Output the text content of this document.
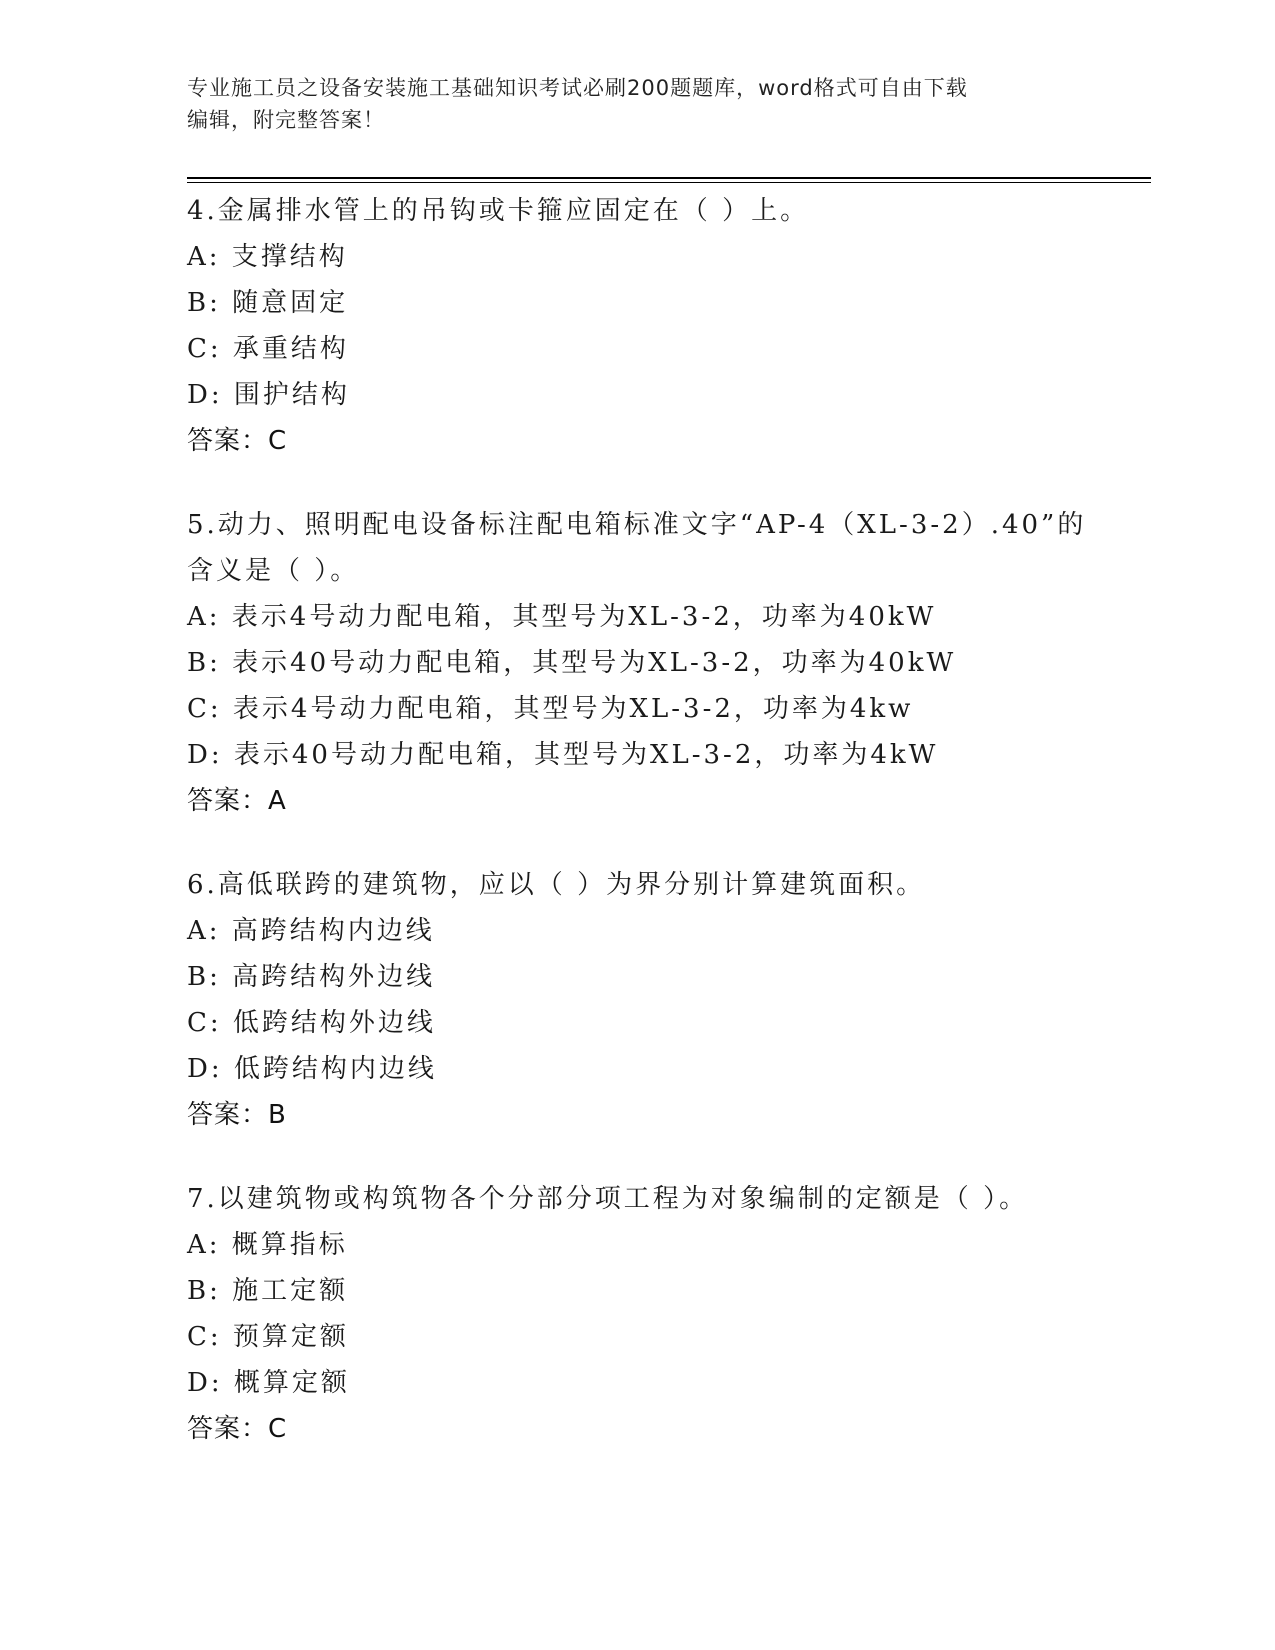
专业施工员之设备安装施工基础知识考试必刷200题题库，word格式可自由下载
编辑，附完整答案！
4.金属排水管上的吊钩或卡箍应固定在（ ）上。
A: 支撑结构
B: 随意固定
C: 承重结构
D: 围护结构
答案：C
5.动力、照明配电设备标注配电箱标准文字“AP-4（XL-3-2）.40”的含义是（ ）。
A: 表示4号动力配电箱，其型号为XL-3-2，功率为40kW
B: 表示40号动力配电箱，其型号为XL-3-2，功率为40kW
C: 表示4号动力配电箱，其型号为XL-3-2，功率为4kw
D: 表示40号动力配电箱，其型号为XL-3-2，功率为4kW
答案：A
6.高低联跨的建筑物，应以（ ）为界分别计算建筑面积。
A: 高跨结构内边线
B: 高跨结构外边线
C: 低跨结构外边线
D: 低跨结构内边线
答案：B
7.以建筑物或构筑物各个分部分项工程为对象编制的定额是（ ）。
A: 概算指标
B: 施工定额
C: 预算定额
D: 概算定额
答案：C
